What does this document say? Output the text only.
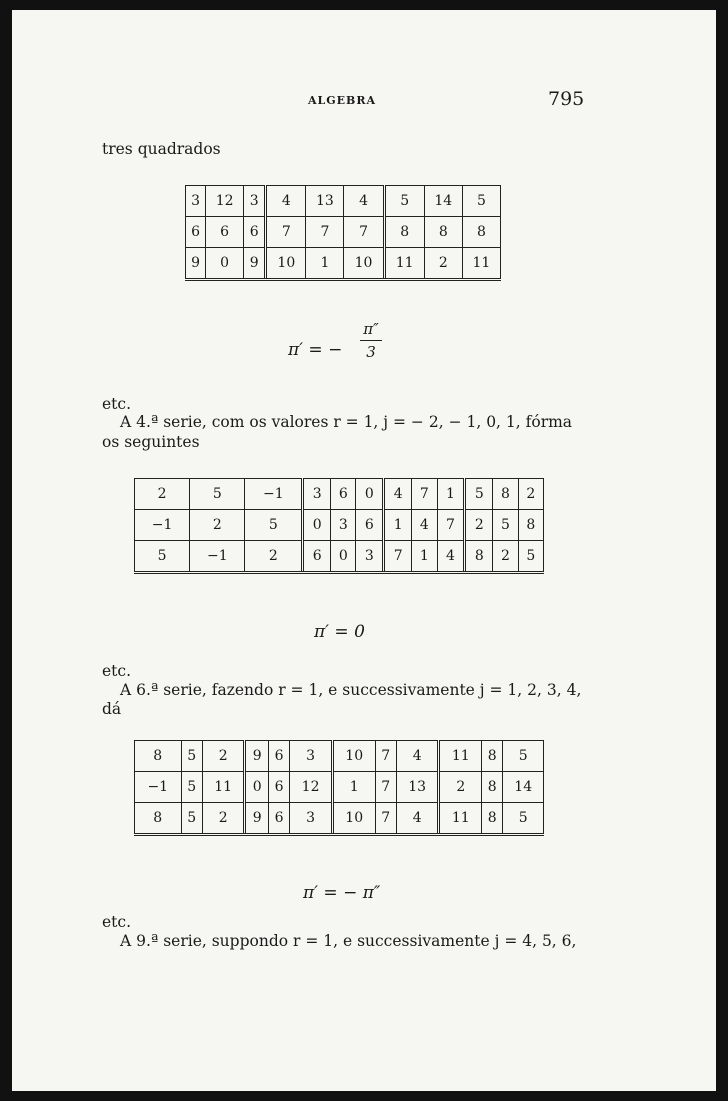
ALGEBRA	795
tres quadrados
3	12	3	4	13	4	5	14	5
6	6	6	7	7	7	8	8	8
9	0	9	10	1	10	11	2	11
π′ = −
π″
3
etc.
A 4.ª serie, com os valores r = 1, j = − 2, − 1, 0, 1, fórma
os seguintes
2	5	−1	3	6	0	4	7	1	5	8	2
−1	2	5	0	3	6	1	4	7	2	5	8
5	−1	2	6	0	3	7	1	4	8	2	5
π′ = 0
etc.
A 6.ª serie, fazendo r = 1, e successivamente j = 1, 2, 3, 4,
dá
8	5	2	9	6	3	10	7	4	11	8	5
−1	5	11	0	6	12	1	7	13	2	8	14
8	5	2	9	6	3	10	7	4	11	8	5
π′ = − π″
etc.
A 9.ª serie, suppondo r = 1, e successivamente j = 4, 5, 6,
